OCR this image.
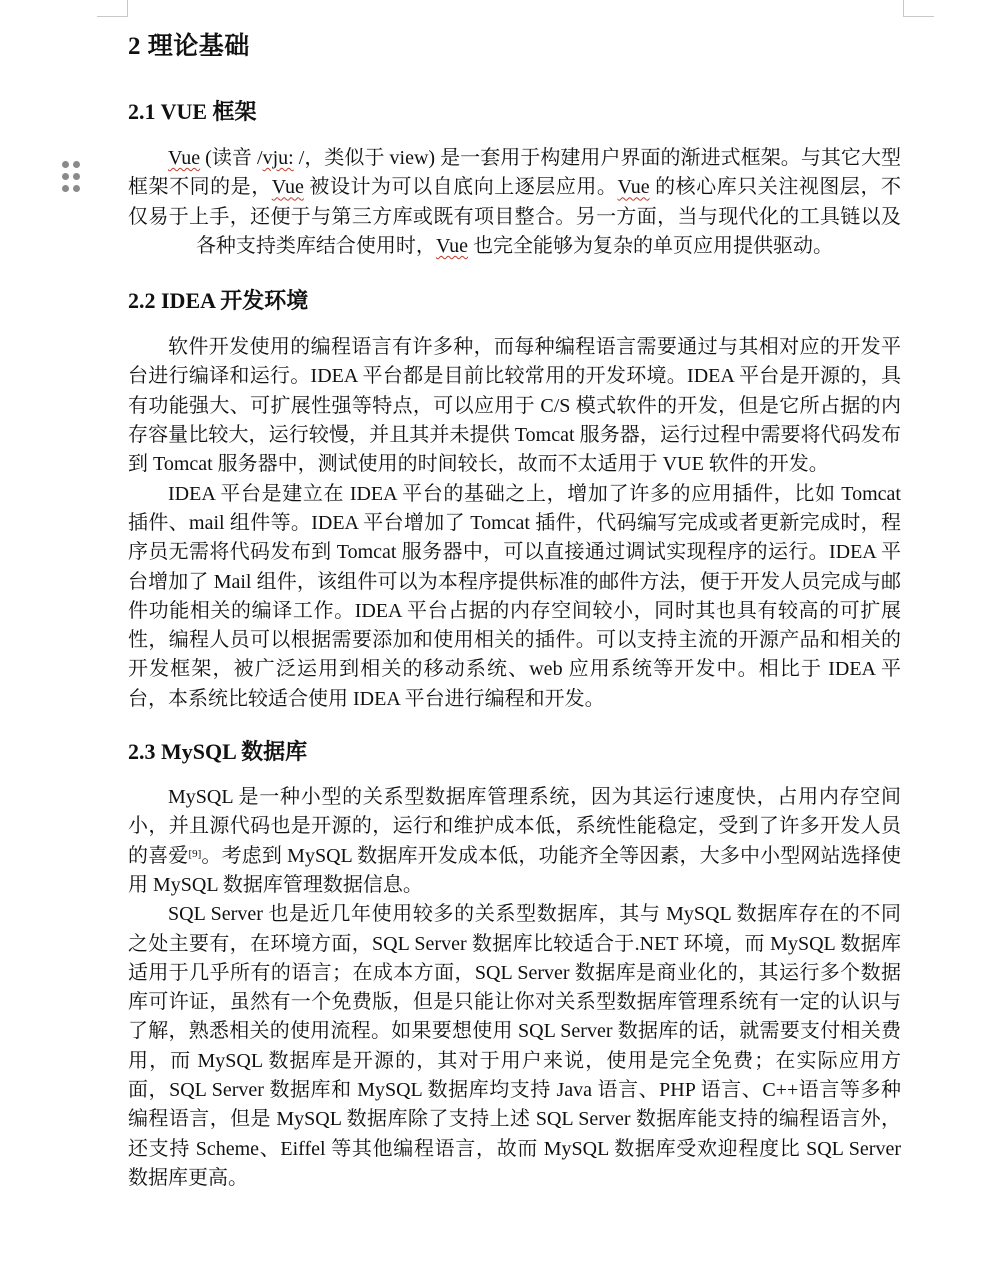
2 理论基础
2.1 VUE 框架

Vue (读音 /vju: /，类似于 view) 是一套用于构建用户界面的渐进式框架。与其它大型框架不同的是，Vue 被设计为可以自底向上逐层应用。Vue 的核心库只关注视图层，不仅易于上手，还便于与第三方库或既有项目整合。另一方面，当与现代化的工具链以及各种支持类库结合使用时，Vue 也完全能够为复杂的单页应用提供驱动。

2.2 IDEA 开发环境

软件开发使用的编程语言有许多种，而每种编程语言需要通过与其相对应的开发平台进行编译和运行。IDEA 平台都是目前比较常用的开发环境。IDEA 平台是开源的，具有功能强大、可扩展性强等特点，可以应用于 C/S 模式软件的开发，但是它所占据的内存容量比较大，运行较慢，并且其并未提供 Tomcat 服务器，运行过程中需要将代码发布到 Tomcat 服务器中，测试使用的时间较长，故而不太适用于 VUE 软件的开发。

IDEA 平台是建立在 IDEA 平台的基础之上，增加了许多的应用插件，比如 Tomcat 插件、mail 组件等。IDEA 平台增加了 Tomcat 插件，代码编写完成或者更新完成时，程序员无需将代码发布到 Tomcat 服务器中，可以直接通过调试实现程序的运行。IDEA 平台增加了 Mail 组件，该组件可以为本程序提供标准的邮件方法，便于开发人员完成与邮件功能相关的编译工作。IDEA 平台占据的内存空间较小，同时其也具有较高的可扩展性，编程人员可以根据需要添加和使用相关的插件。可以支持主流的开源产品和相关的开发框架，被广泛运用到相关的移动系统、web 应用系统等开发中。相比于 IDEA 平台，本系统比较适合使用 IDEA 平台进行编程和开发。

2.3 MySQL 数据库

MySQL 是一种小型的关系型数据库管理系统，因为其运行速度快，占用内存空间小，并且源代码也是开源的，运行和维护成本低，系统性能稳定，受到了许多开发人员的喜爱[9]。考虑到 MySQL 数据库开发成本低，功能齐全等因素，大多中小型网站选择使用 MySQL 数据库管理数据信息。

SQL Server 也是近几年使用较多的关系型数据库，其与 MySQL 数据库存在的不同之处主要有，在环境方面，SQL Server 数据库比较适合于.NET 环境，而 MySQL 数据库适用于几乎所有的语言；在成本方面，SQL Server 数据库是商业化的，其运行多个数据库可许证，虽然有一个免费版，但是只能让你对关系型数据库管理系统有一定的认识与了解，熟悉相关的使用流程。如果要想使用 SQL Server 数据库的话，就需要支付相关费用，而 MySQL 数据库是开源的，其对于用户来说，使用是完全免费；在实际应用方面，SQL Server 数据库和 MySQL 数据库均支持 Java 语言、PHP 语言、C++语言等多种编程语言，但是 MySQL 数据库除了支持上述 SQL Server 数据库能支持的编程语言外，还支持 Scheme、Eiffel 等其他编程语言，故而 MySQL 数据库受欢迎程度比 SQL Server 数据库更高。
